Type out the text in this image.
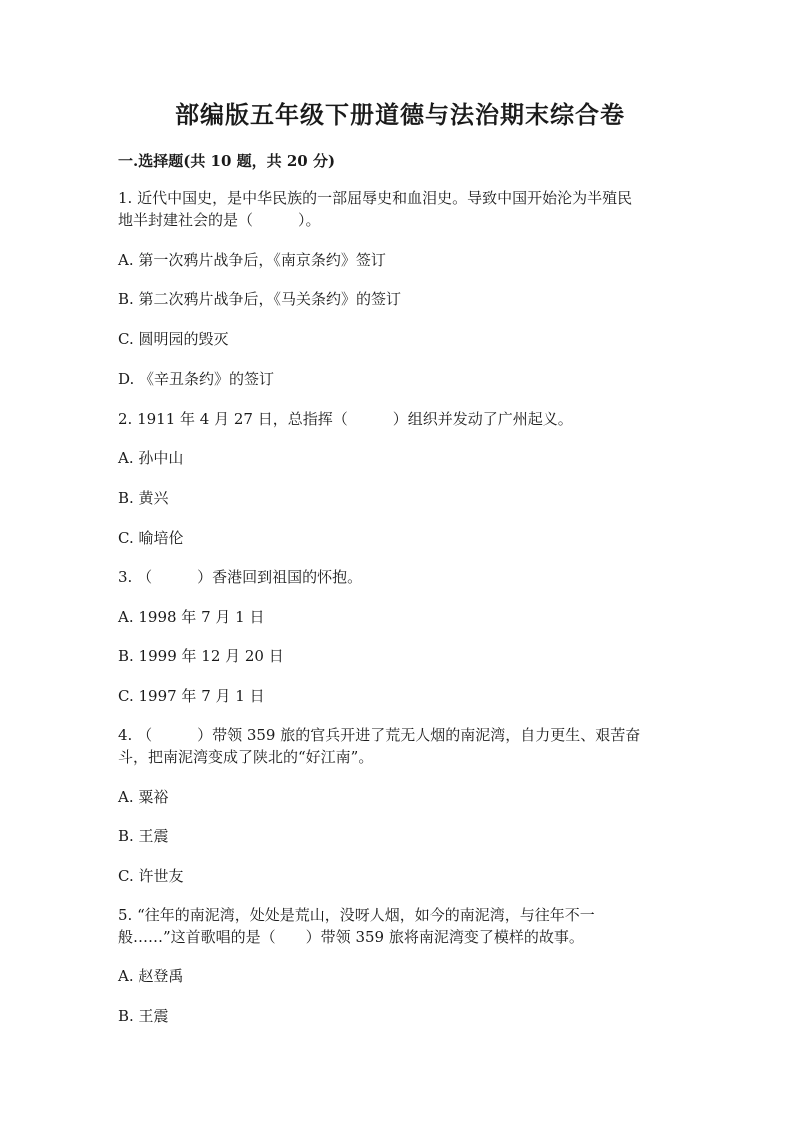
部编版五年级下册道德与法治期末综合卷
一.选择题(共 10 题，共 20 分)
1. 近代中国史，是中华民族的一部屈辱史和血泪史。导致中国开始沦为半殖民
地半封建社会的是（　　　）。
A. 第一次鸦片战争后，《南京条约》签订
B. 第二次鸦片战争后，《马关条约》的签订
C. 圆明园的毁灭
D. 《辛丑条约》的签订
2. 1911 年 4 月 27 日，总指挥（　　　）组织并发动了广州起义。
A. 孙中山
B. 黄兴
C. 喻培伦
3. （　　　）香港回到祖国的怀抱。
A. 1998 年 7 月 1 日
B. 1999 年 12 月 20 日
C. 1997 年 7 月 1 日
4. （　　　）带领 359 旅的官兵开进了荒无人烟的南泥湾，自力更生、艰苦奋
斗，把南泥湾变成了陕北的“好江南”。
A. 粟裕
B. 王震
C. 许世友
5. “往年的南泥湾，处处是荒山，没呀人烟，如今的南泥湾，与往年不一
般……”这首歌唱的是（　　）带领 359 旅将南泥湾变了模样的故事。
A. 赵登禹
B. 王震
